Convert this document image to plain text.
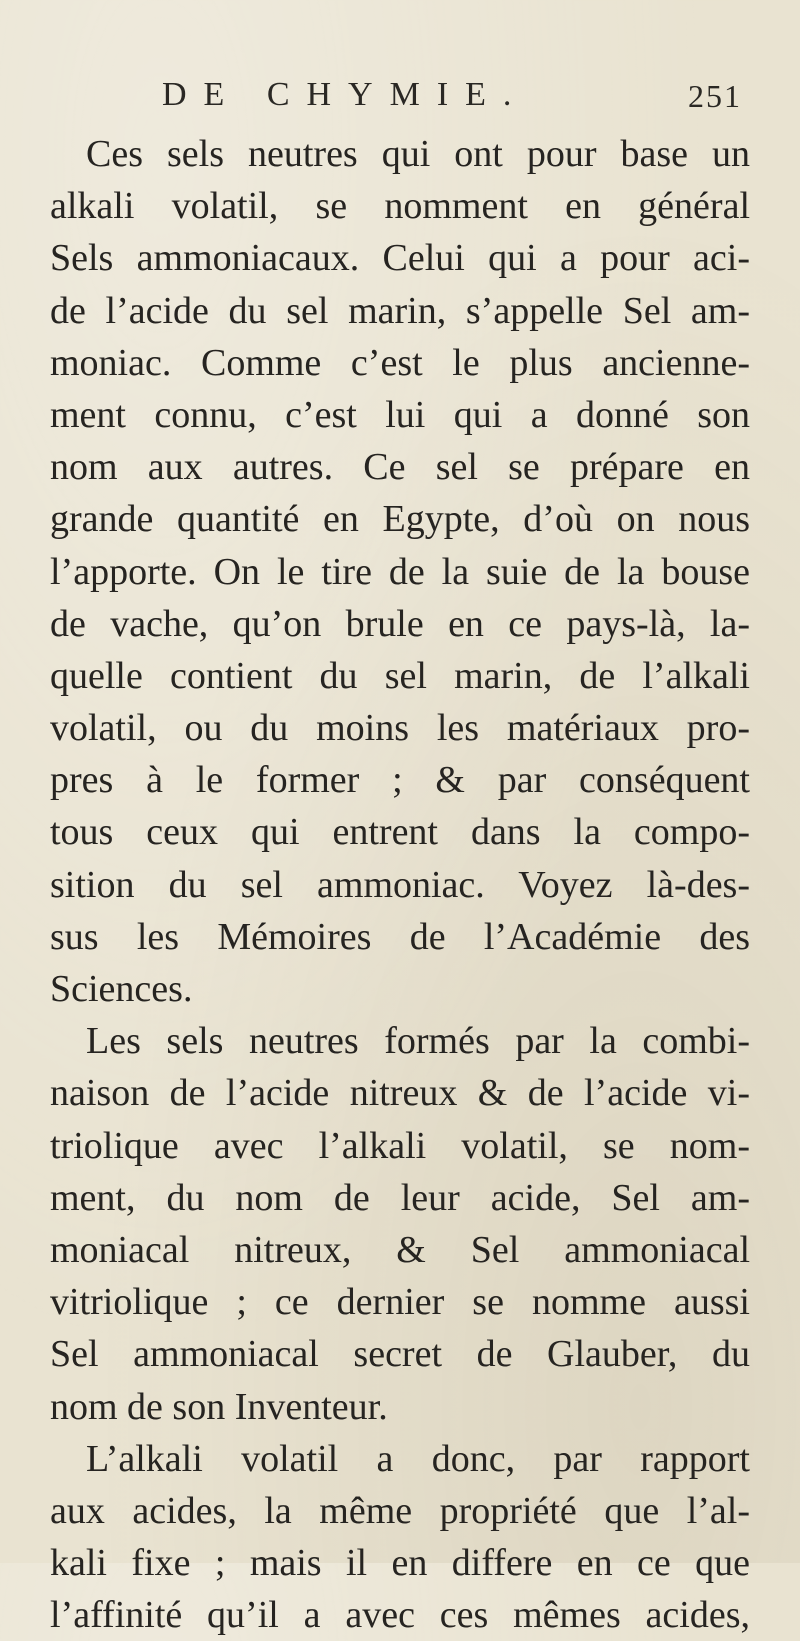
DE CHYMIE.	251
Ces sels neutres qui ont pour base un
alkali volatil, se nomment en général
Sels ammoniacaux. Celui qui a pour aci-
de l’acide du sel marin, s’appelle Sel am-
moniac. Comme c’est le plus ancienne-
ment connu, c’est lui qui a donné son
nom aux autres. Ce sel se prépare en
grande quantité en Egypte, d’où on nous
l’apporte. On le tire de la suie de la bouse
de vache, qu’on brule en ce pays-là, la-
quelle contient du sel marin, de l’alkali
volatil, ou du moins les matériaux pro-
pres à le former ; & par conséquent
tous ceux qui entrent dans la compo-
sition du sel ammoniac. Voyez là-des-
sus les Mémoires de l’Académie des
Sciences.
Les sels neutres formés par la combi-
naison de l’acide nitreux & de l’acide vi-
triolique avec l’alkali volatil, se nom-
ment, du nom de leur acide, Sel am-
moniacal nitreux, & Sel ammoniacal
vitriolique ; ce dernier se nomme aussi
Sel ammoniacal secret de Glauber, du
nom de son Inventeur.
L’alkali volatil a donc, par rapport
aux acides, la même propriété que l’al-
kali fixe ; mais il en differe en ce que
l’affinité qu’il a avec ces mêmes acides,
